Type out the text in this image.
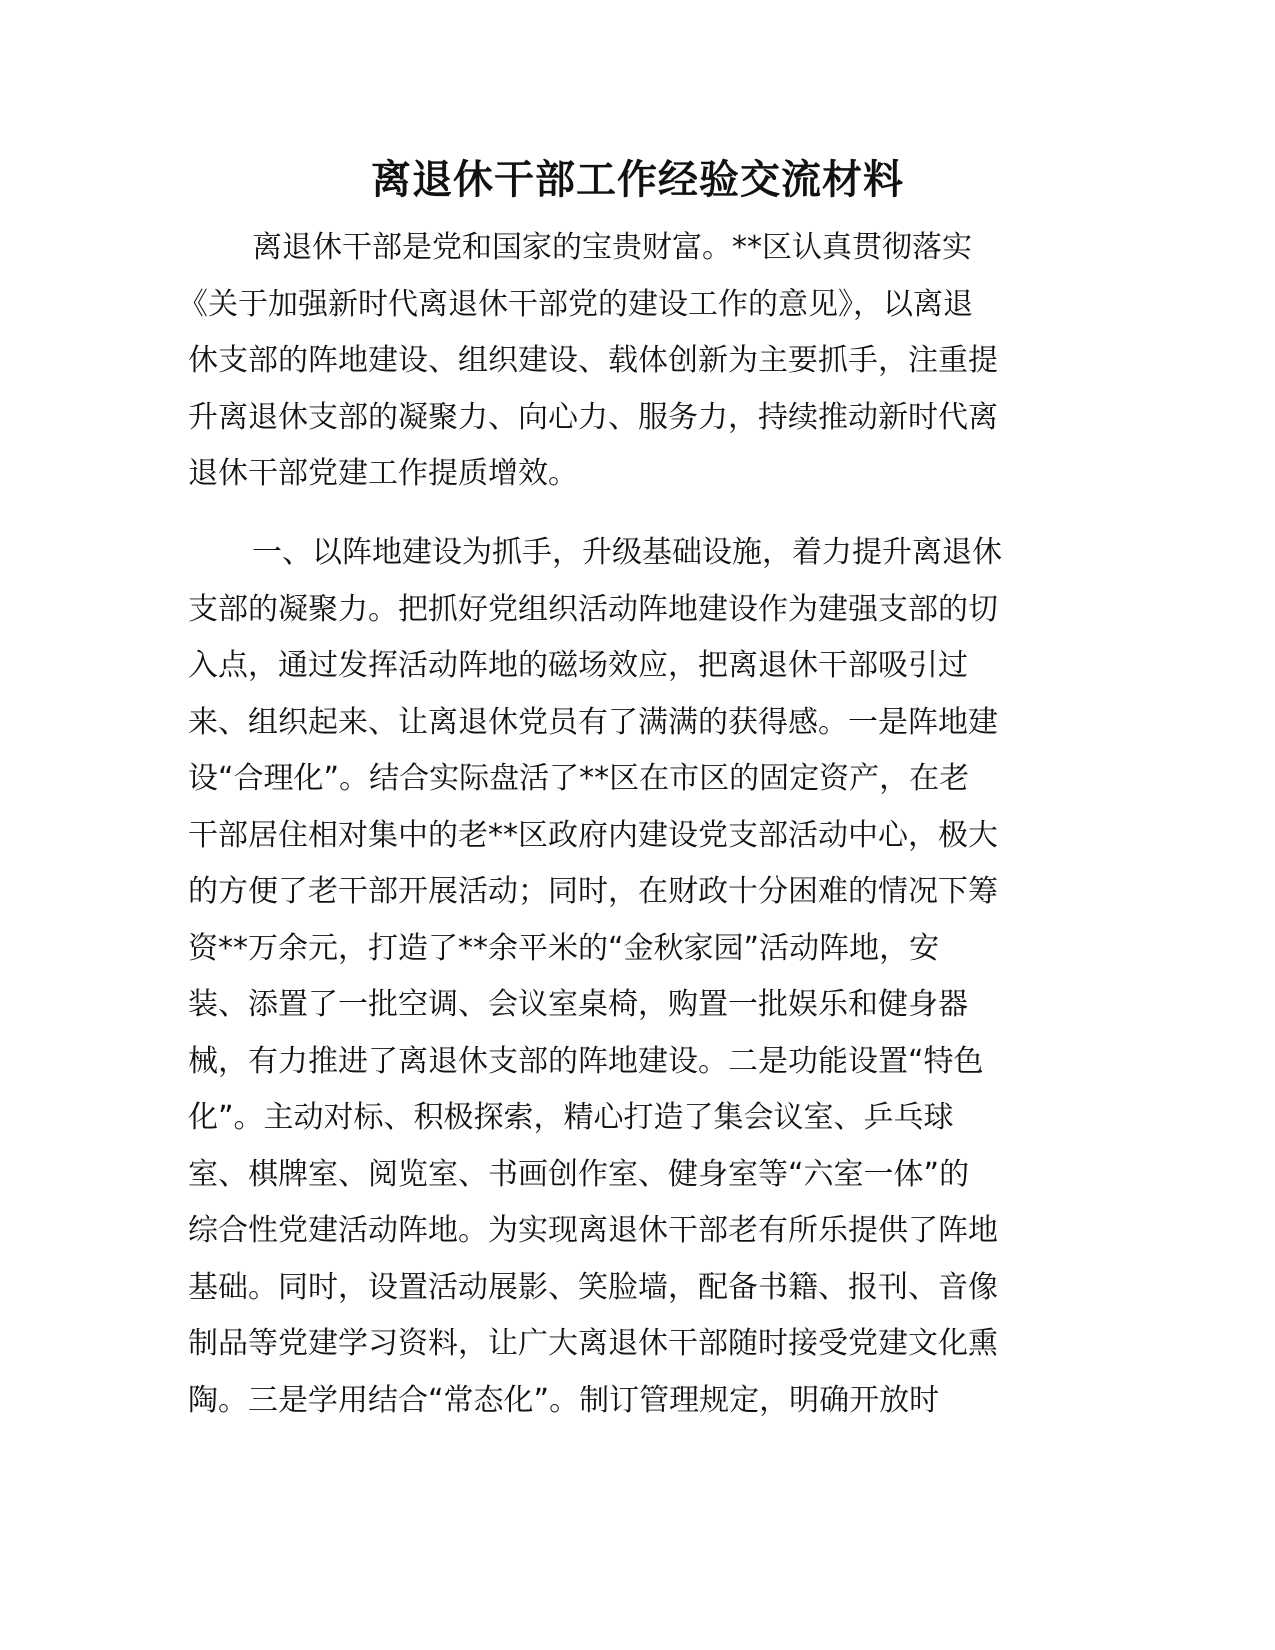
离退休干部工作经验交流材料
离退休干部是党和国家的宝贵财富。**区认真贯彻落实
《关于加强新时代离退休干部党的建设工作的意见》，以离退
休支部的阵地建设、组织建设、载体创新为主要抓手，注重提
升离退休支部的凝聚力、向心力、服务力，持续推动新时代离
退休干部党建工作提质增效。
一、以阵地建设为抓手，升级基础设施，着力提升离退休
支部的凝聚力。把抓好党组织活动阵地建设作为建强支部的切
入点，通过发挥活动阵地的磁场效应，把离退休干部吸引过
来、组织起来、让离退休党员有了满满的获得感。一是阵地建
设“合理化”。结合实际盘活了**区在市区的固定资产，在老
干部居住相对集中的老**区政府内建设党支部活动中心，极大
的方便了老干部开展活动；同时，在财政十分困难的情况下筹
资**万余元，打造了**余平米的“金秋家园”活动阵地，安
装、添置了一批空调、会议室桌椅，购置一批娱乐和健身器
械，有力推进了离退休支部的阵地建设。二是功能设置“特色
化”。主动对标、积极探索，精心打造了集会议室、乒乓球
室、棋牌室、阅览室、书画创作室、健身室等“六室一体”的
综合性党建活动阵地。为实现离退休干部老有所乐提供了阵地
基础。同时，设置活动展影、笑脸墙，配备书籍、报刊、音像
制品等党建学习资料，让广大离退休干部随时接受党建文化熏
陶。三是学用结合“常态化”。制订管理规定，明确开放时
